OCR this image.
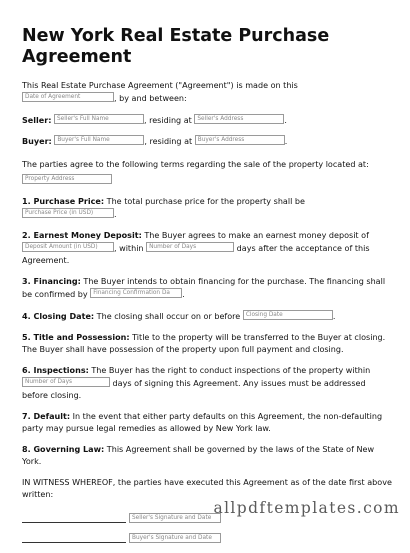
New York Real Estate Purchase Agreement

This Real Estate Purchase Agreement ("Agreement") is made on this
Date of Agreement	, by and between:

Seller: Seller's Full Name	, residing at Seller's Address	.
Buyer: Buyer's Full Name	, residing at Buyer's Address	.

The parties agree to the following terms regarding the sale of the property located at:
Property Address

1. Purchase Price: The total purchase price for the property shall be
Purchase Price (in USD)	.

2. Earnest Money Deposit: The Buyer agrees to make an earnest money deposit of
Deposit Amount (in USD) , within Number of Days	days after the acceptance of this Agreement.

3. Financing: The Buyer intends to obtain financing for the purchase. The financing shall be confirmed by Financing Confirmation Da .

4. Closing Date: The closing shall occur on or before Closing Date	.

5. Title and Possession: Title to the property will be transferred to the Buyer at closing. The Buyer shall have possession of the property upon full payment and closing.

6. Inspections: The Buyer has the right to conduct inspections of the property within Number of Days	days of signing this Agreement. Any issues must be addressed before closing.

7. Default: In the event that either party defaults on this Agreement, the non-defaulting party may pursue legal remedies as allowed by New York law.

8. Governing Law: This Agreement shall be governed by the laws of the State of New York.

IN WITNESS WHEREOF, the parties have executed this Agreement as of the date first above written:

Seller's Signature and Date
Buyer's Signature and Date
allpdftemplates.com
